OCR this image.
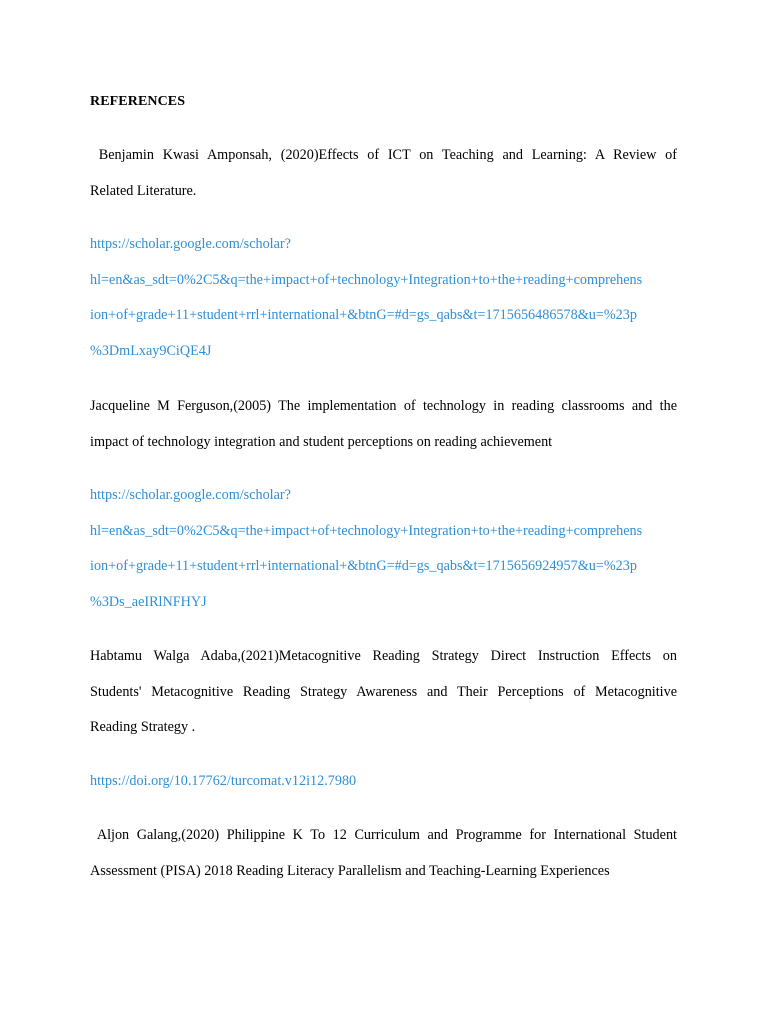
REFERENCES
Benjamin Kwasi Amponsah, (2020)Effects of ICT on Teaching and Learning: A Review of
Related Literature.
https://scholar.google.com/scholar?
hl=en&as_sdt=0%2C5&q=the+impact+of+technology+Integration+to+the+reading+comprehens
ion+of+grade+11+student+rrl+international+&btnG=#d=gs_qabs&t=1715656486578&u=%23p
%3DmLxay9CiQE4J
Jacqueline M Ferguson,(2005) The implementation of technology in reading classrooms and the
impact of technology integration and student perceptions on reading achievement
https://scholar.google.com/scholar?
hl=en&as_sdt=0%2C5&q=the+impact+of+technology+Integration+to+the+reading+comprehens
ion+of+grade+11+student+rrl+international+&btnG=#d=gs_qabs&t=1715656924957&u=%23p
%3Ds_aeIRlNFHYJ
Habtamu Walga Adaba,(2021)Metacognitive Reading Strategy Direct Instruction Effects on
Students' Metacognitive Reading Strategy Awareness and Their Perceptions of Metacognitive
Reading Strategy .
https://doi.org/10.17762/turcomat.v12i12.7980
Aljon Galang,(2020) Philippine K To 12 Curriculum and Programme for International Student
Assessment (PISA) 2018 Reading Literacy Parallelism and Teaching-Learning Experiences
